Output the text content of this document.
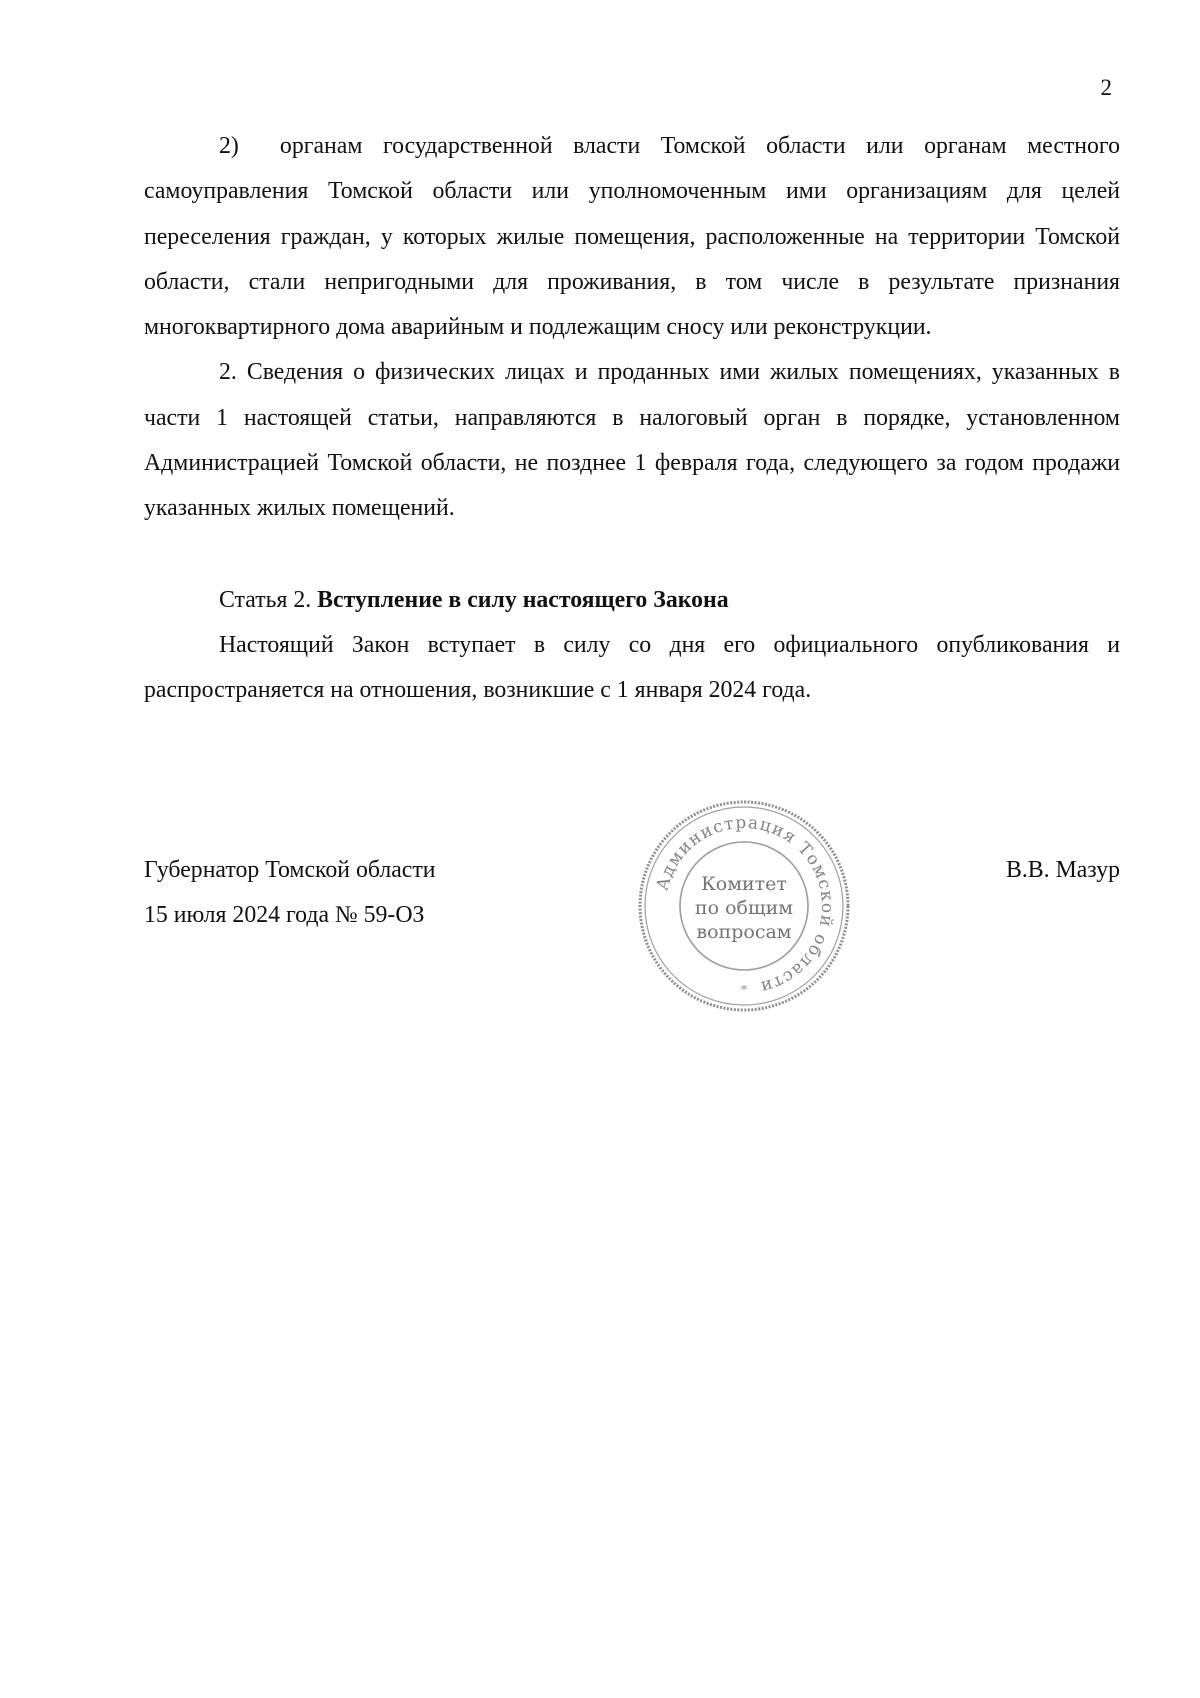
2

2)  органам государственной власти Томской области или органам местного самоуправления Томской области или уполномоченным ими организациям для целей переселения граждан, у которых жилые помещения, расположенные на территории Томской области, стали непригодными для проживания, в том числе в результате признания многоквартирного дома аварийным и подлежащим сносу или реконструкции.

2. Сведения о физических лицах и проданных ими жилых помещениях, указанных в части 1 настоящей статьи, направляются в налоговый орган в порядке, установленном Администрацией Томской области, не позднее 1 февраля года, следующего за годом продажи указанных жилых помещений.

Статья 2. Вступление в силу настоящего Закона

Настоящий Закон вступает в силу со дня его официального опубликования и распространяется на отношения, возникшие с 1 января 2024 года.

Губернатор Томской области
15 июля 2024 года № 59-ОЗ
В.В. Мазур
Администрация Томской области
*
Комитет
по общим
вопросам
